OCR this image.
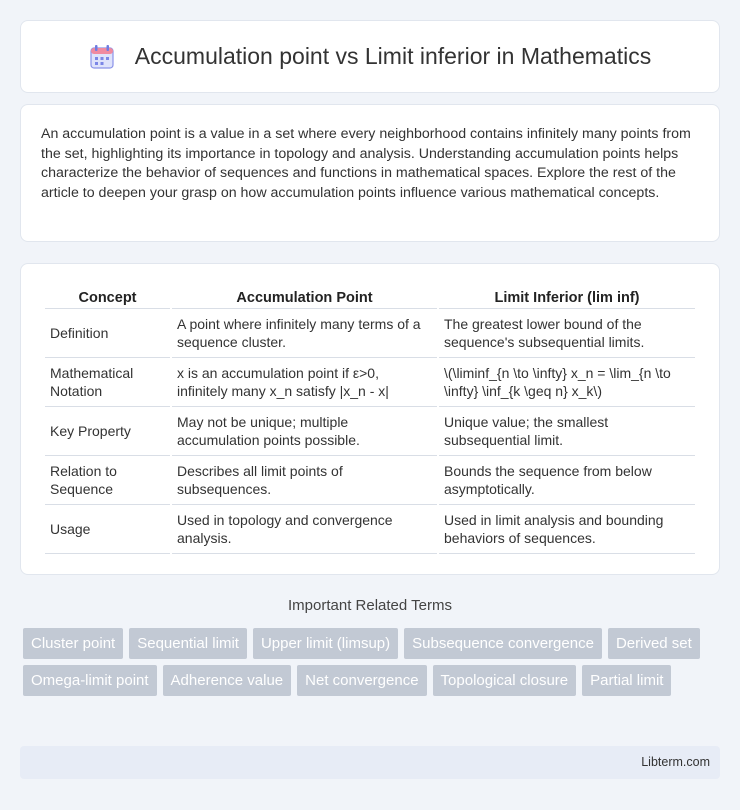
Accumulation point vs Limit inferior in Mathematics

An accumulation point is a value in a set where every neighborhood contains infinitely many points from the set, highlighting its importance in topology and analysis. Understanding accumulation points helps characterize the behavior of sequences and functions in mathematical spaces. Explore the rest of the article to deepen your grasp on how accumulation points influence various mathematical concepts.

Concept	Accumulation Point	Limit Inferior (lim inf)
Definition	A point where infinitely many terms of a sequence cluster.	The greatest lower bound of the sequence's subsequential limits.
Mathematical Notation	x is an accumulation point if ε>0, infinitely many x_n satisfy |x_n - x|	\(\liminf_{n \to \infty} x_n = \lim_{n \to \infty} \inf_{k \geq n} x_k\)
Key Property	May not be unique; multiple accumulation points possible.	Unique value; the smallest subsequential limit.
Relation to Sequence	Describes all limit points of subsequences.	Bounds the sequence from below asymptotically.
Usage	Used in topology and convergence analysis.	Used in limit analysis and bounding behaviors of sequences.
Important Related Terms
Cluster point	Sequential limit	Upper limit (limsup)	Subsequence convergence	Derived set
Omega-limit point	Adherence value	Net convergence	Topological closure	Partial limit
Libterm.com
